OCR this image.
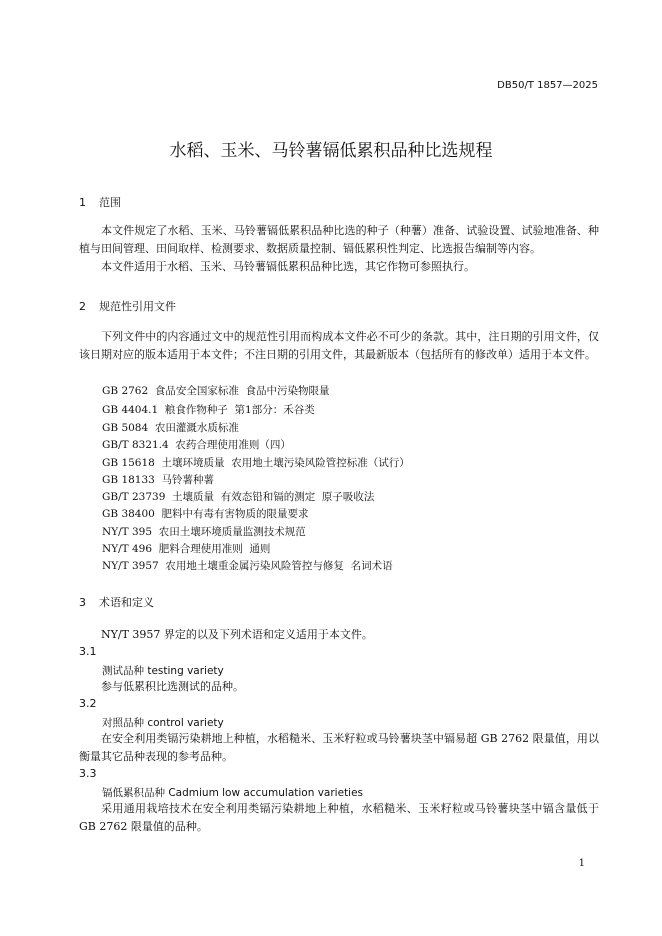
DB50/T 1857—2025
水稻、玉米、马铃薯镉低累积品种比选规程
1 范围
本文件规定了水稻、玉米、马铃薯镉低累积品种比选的种子（种薯）准备、试验设置、试验地准备、种植与田间管理、田间取样、检测要求、数据质量控制、镉低累积性判定、比选报告编制等内容。
本文件适用于水稻、玉米、马铃薯镉低累积品种比选，其它作物可参照执行。
2 规范性引用文件
下列文件中的内容通过文中的规范性引用而构成本文件必不可少的条款。其中，注日期的引用文件，仅该日期对应的版本适用于本文件；不注日期的引用文件，其最新版本（包括所有的修改单）适用于本文件。
GB 2762  食品安全国家标准  食品中污染物限量
GB 4404.1  粮食作物种子  第1部分：禾谷类
GB 5084  农田灌溉水质标准
GB/T 8321.4  农药合理使用准则（四）
GB 15618  土壤环境质量  农用地土壤污染风险管控标准（试行）
GB 18133  马铃薯种薯
GB/T 23739  土壤质量  有效态铅和镉的测定  原子吸收法
GB 38400  肥料中有毒有害物质的限量要求
NY/T 395  农田土壤环境质量监测技术规范
NY/T 496  肥料合理使用准则  通则
NY/T 3957  农用地土壤重金属污染风险管控与修复  名词术语
3 术语和定义
NY/T 3957 界定的以及下列术语和定义适用于本文件。
3.1
测试品种 testing variety
参与低累积比选测试的品种。
3.2
对照品种 control variety
在安全利用类镉污染耕地上种植，水稻糙米、玉米籽粒或马铃薯块茎中镉易超 GB 2762 限量值，用以衡量其它品种表现的参考品种。
3.3
镉低累积品种 Cadmium low accumulation varieties
采用通用栽培技术在安全利用类镉污染耕地上种植，水稻糙米、玉米籽粒或马铃薯块茎中镉含量低于 GB 2762 限量值的品种。
1
